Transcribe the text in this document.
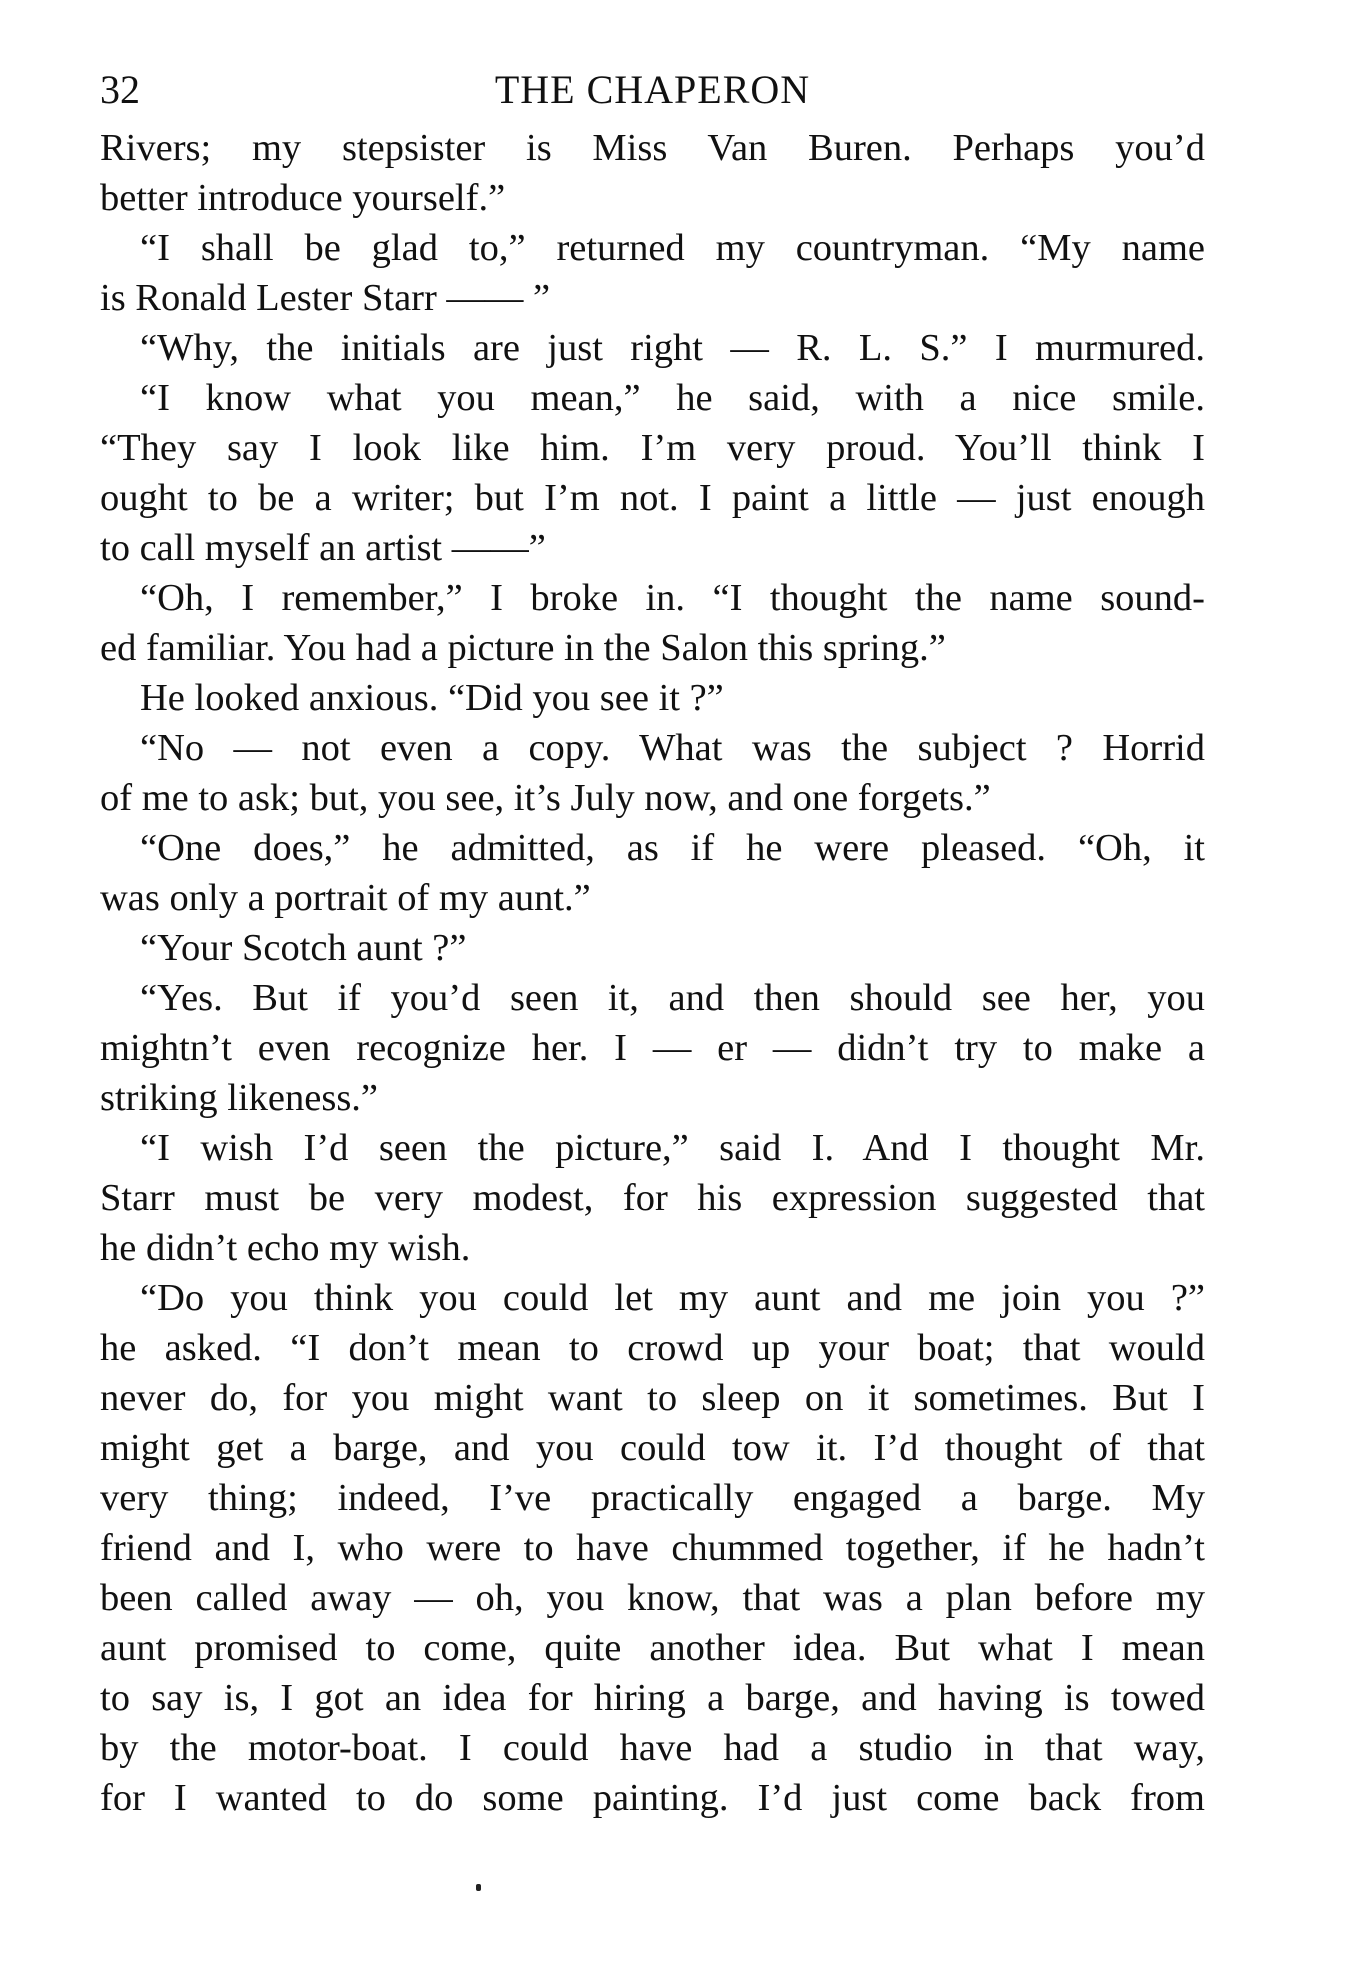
32	THE CHAPERON
Rivers; my stepsister is Miss Van Buren. Perhaps you’d
better introduce yourself.”
“I shall be glad to,” returned my countryman. “My name
is Ronald Lester Starr —— ”
“Why, the initials are just right — R. L. S.” I murmured.
“I know what you mean,” he said, with a nice smile.
“They say I look like him. I’m very proud. You’ll think I
ought to be a writer; but I’m not. I paint a little — just enough
to call myself an artist ——”
“Oh, I remember,” I broke in. “I thought the name sound-
ed familiar. You had a picture in the Salon this spring.”
He looked anxious. “Did you see it ?”
“No — not even a copy. What was the subject ? Horrid
of me to ask; but, you see, it’s July now, and one forgets.”
“One does,” he admitted, as if he were pleased. “Oh, it
was only a portrait of my aunt.”
“Your Scotch aunt ?”
“Yes. But if you’d seen it, and then should see her, you
mightn’t even recognize her. I — er — didn’t try to make a
striking likeness.”
“I wish I’d seen the picture,” said I. And I thought Mr.
Starr must be very modest, for his expression suggested that
he didn’t echo my wish.
“Do you think you could let my aunt and me join you ?”
he asked. “I don’t mean to crowd up your boat; that would
never do, for you might want to sleep on it sometimes. But I
might get a barge, and you could tow it. I’d thought of that
very thing; indeed, I’ve practically engaged a barge. My
friend and I, who were to have chummed together, if he hadn’t
been called away — oh, you know, that was a plan before my
aunt promised to come, quite another idea. But what I mean
to say is, I got an idea for hiring a barge, and having is towed
by the motor-boat. I could have had a studio in that way,
for I wanted to do some painting. I’d just come back from
